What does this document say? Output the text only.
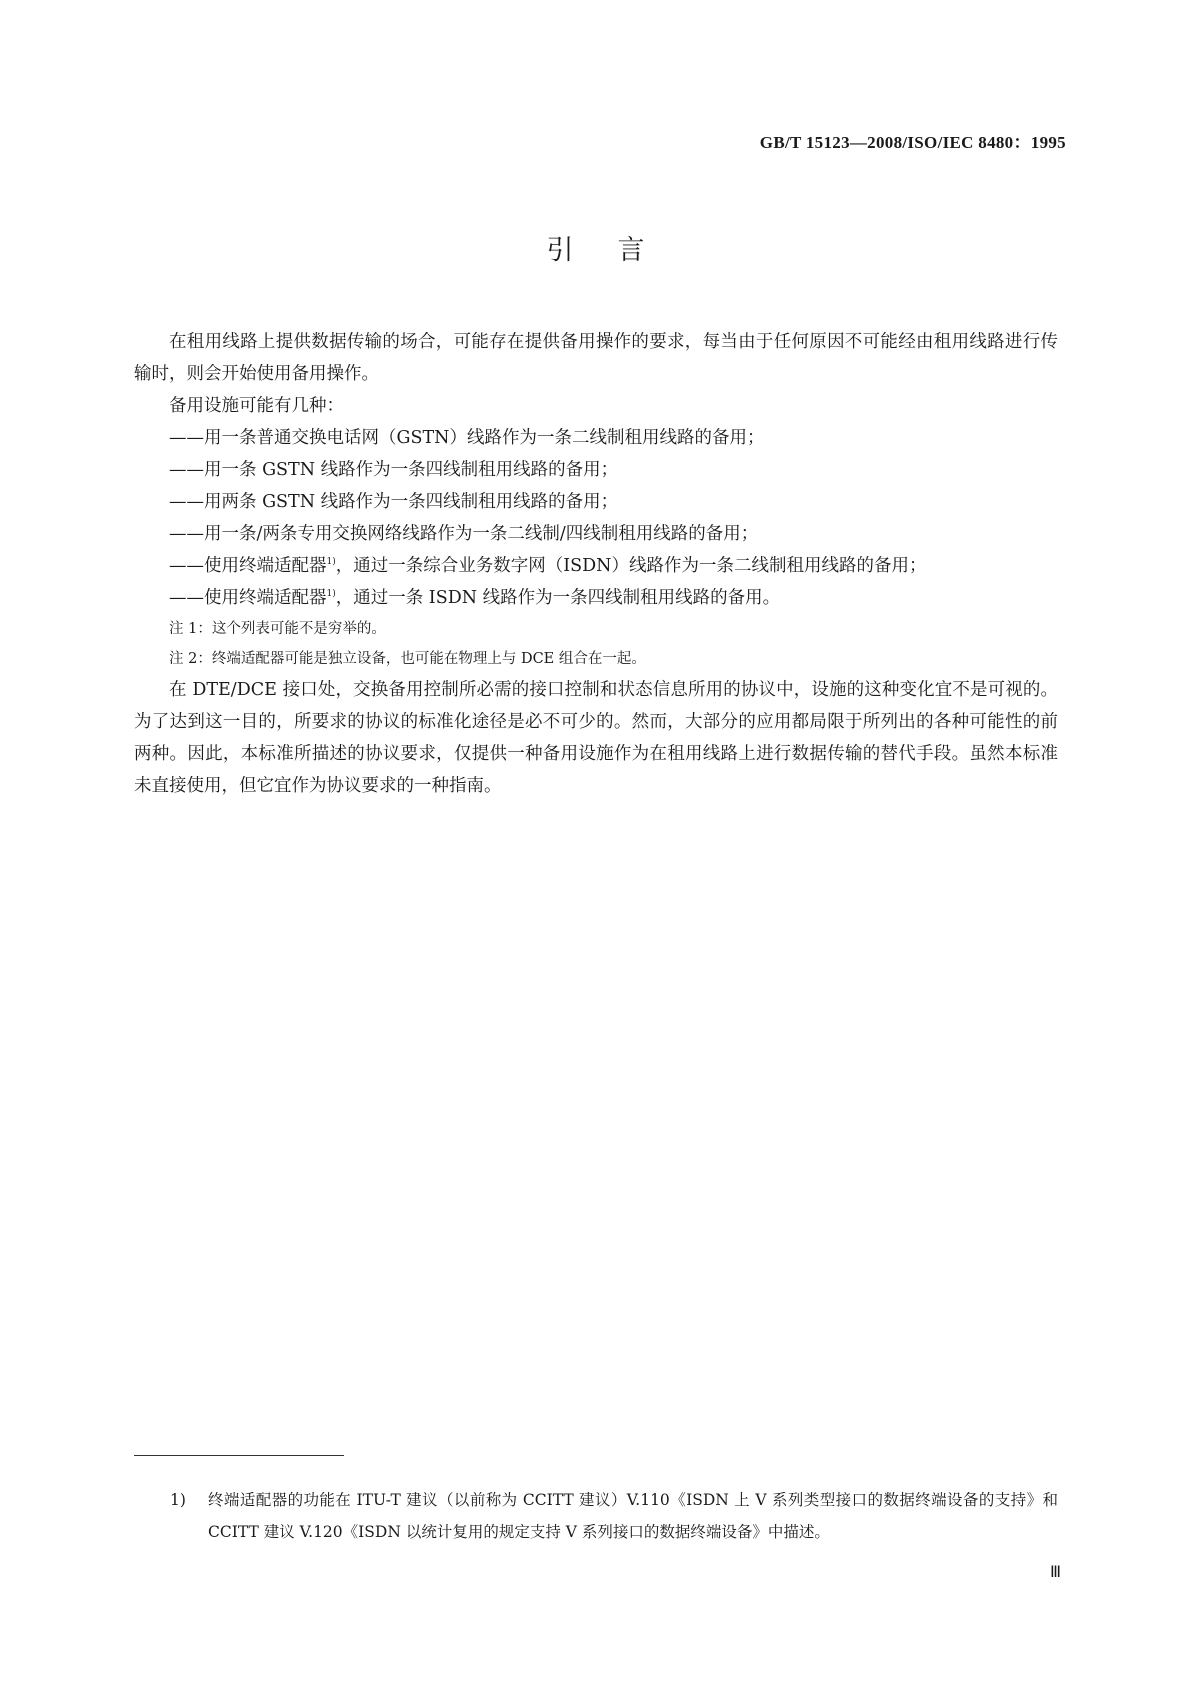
GB/T 15123—2008/ISO/IEC 8480：1995
引言

在租用线路上提供数据传输的场合，可能存在提供备用操作的要求，每当由于任何原因不可能经由租用线路进行传输时，则会开始使用备用操作。

备用设施可能有几种：

——用一条普通交换电话网（GSTN）线路作为一条二线制租用线路的备用；

——用一条 GSTN 线路作为一条四线制租用线路的备用；

——用两条 GSTN 线路作为一条四线制租用线路的备用；

——用一条/两条专用交换网络线路作为一条二线制/四线制租用线路的备用；

——使用终端适配器$^{1)}$，通过一条综合业务数字网（ISDN）线路作为一条二线制租用线路的备用；

——使用终端适配器$^{1)}$，通过一条 ISDN 线路作为一条四线制租用线路的备用。

注 1：这个列表可能不是穷举的。

注 2：终端适配器可能是独立设备，也可能在物理上与 DCE 组合在一起。

在 DTE/DCE 接口处，交换备用控制所必需的接口控制和状态信息所用的协议中，设施的这种变化宜不是可视的。为了达到这一目的，所要求的协议的标准化途径是必不可少的。然而，大部分的应用都局限于所列出的各种可能性的前两种。因此，本标准所描述的协议要求，仅提供一种备用设施作为在租用线路上进行数据传输的替代手段。虽然本标准未直接使用，但它宜作为协议要求的一种指南。

1) 终端适配器的功能在 ITU-T 建议（以前称为 CCITT 建议）V.110《ISDN 上 V 系列类型接口的数据终端设备的支持》和 CCITT 建议 V.120《ISDN 以统计复用的规定支持 V 系列接口的数据终端设备》中描述。
Ⅲ
